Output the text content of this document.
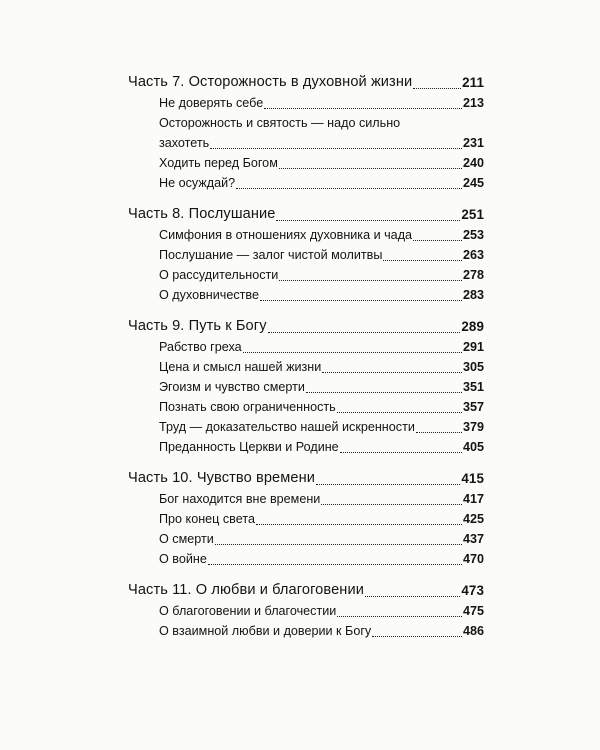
Часть 7. Осторожность в духовной жизни	211
Не доверять себе	213
Осторожность и святость — надо сильно
захотеть	231
Ходить перед Богом	240
Не осуждай?	245
Часть 8. Послушание	251
Симфония в отношениях духовника и чада	253
Послушание — залог чистой молитвы	263
О рассудительности	278
О духовничестве	283
Часть 9. Путь к Богу	289
Рабство греха	291
Цена и смысл нашей жизни	305
Эгоизм и чувство смерти	351
Познать свою ограниченность	357
Труд — доказательство нашей искренности	379
Преданность Церкви и Родине	405
Часть 10. Чувство времени	415
Бог находится вне времени	417
Про конец света	425
О смерти	437
О войне	470
Часть 11. О любви и благоговении	473
О благоговении и благочестии	475
О взаимной любви и доверии к Богу	486
